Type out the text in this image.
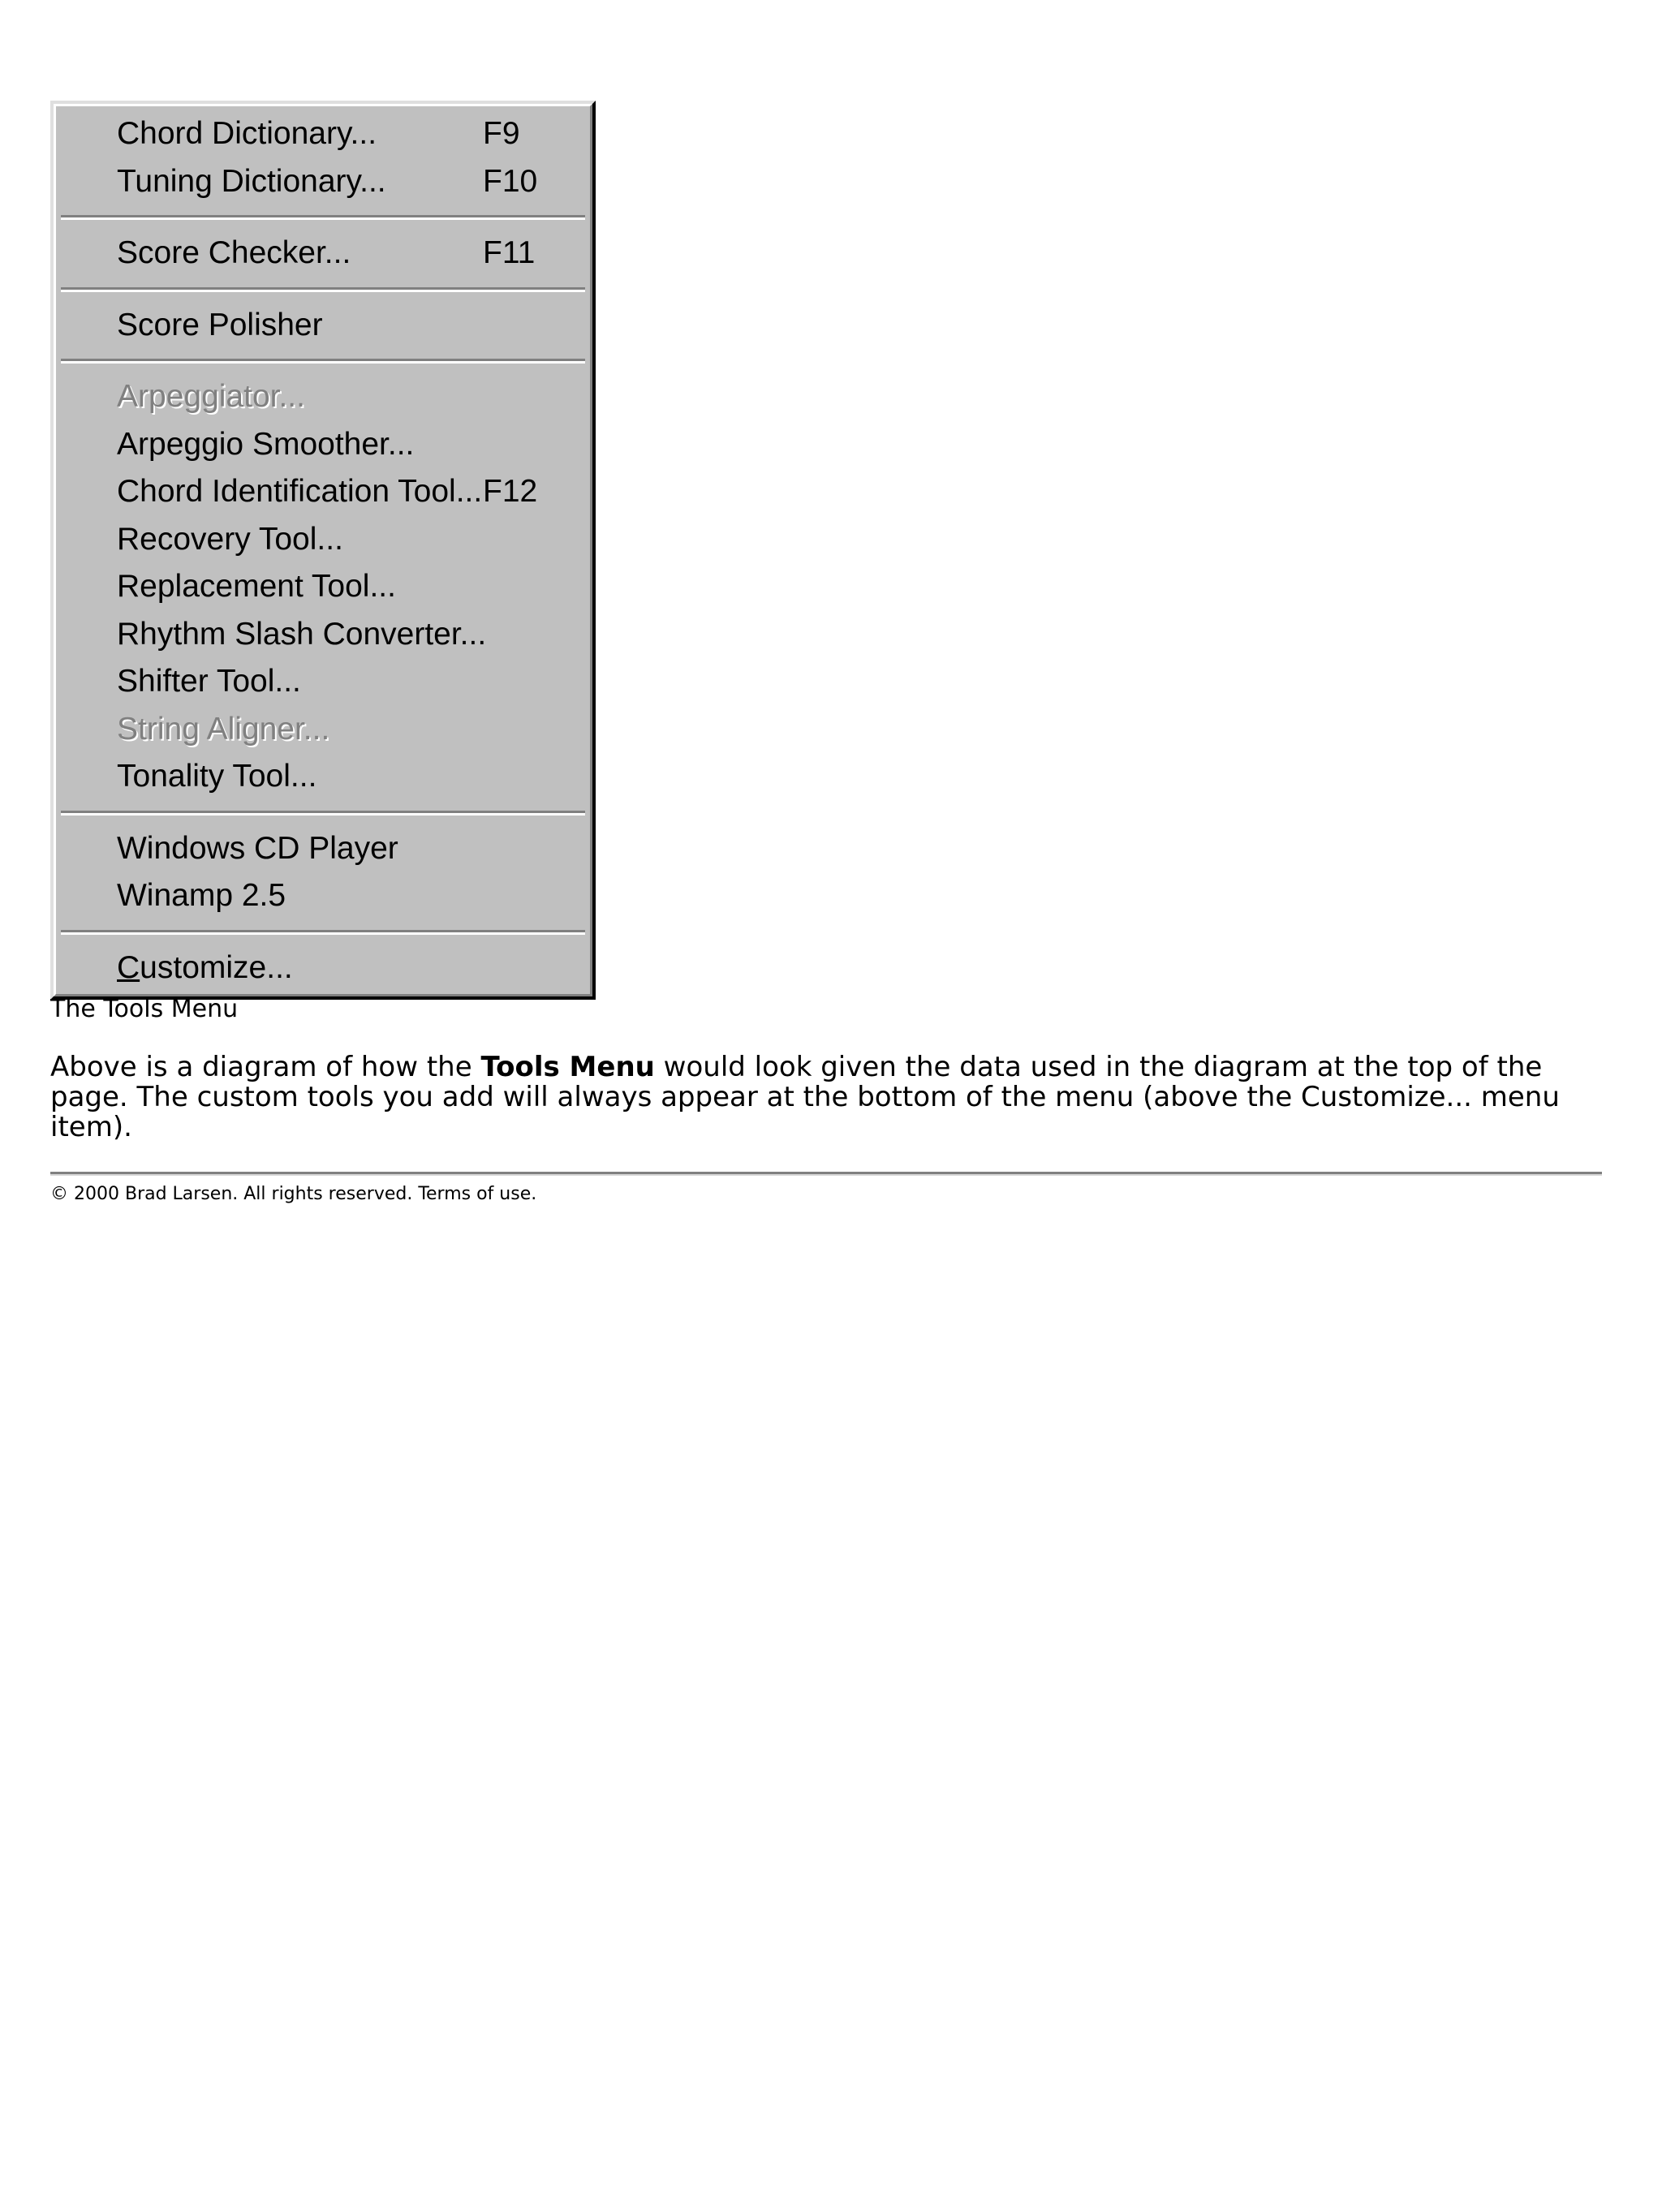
Chord Dictionary...	F9
Tuning Dictionary...	F10
Score Checker...	F11
Score Polisher
Arpeggiator...
Arpeggio Smoother...
Chord Identification Tool... F12
Recovery Tool...
Replacement Tool...
Rhythm Slash Converter...
Shifter Tool...
String Aligner...
Tonality Tool...
Windows CD Player
Winamp 2.5
Customize...
The Tools Menu
Above is a diagram of how the Tools Menu would look given the data used in the diagram at the top of the page. The custom tools you add will always appear at the bottom of the menu (above the Customize... menu item).
© 2000 Brad Larsen. All rights reserved. Terms of use.
